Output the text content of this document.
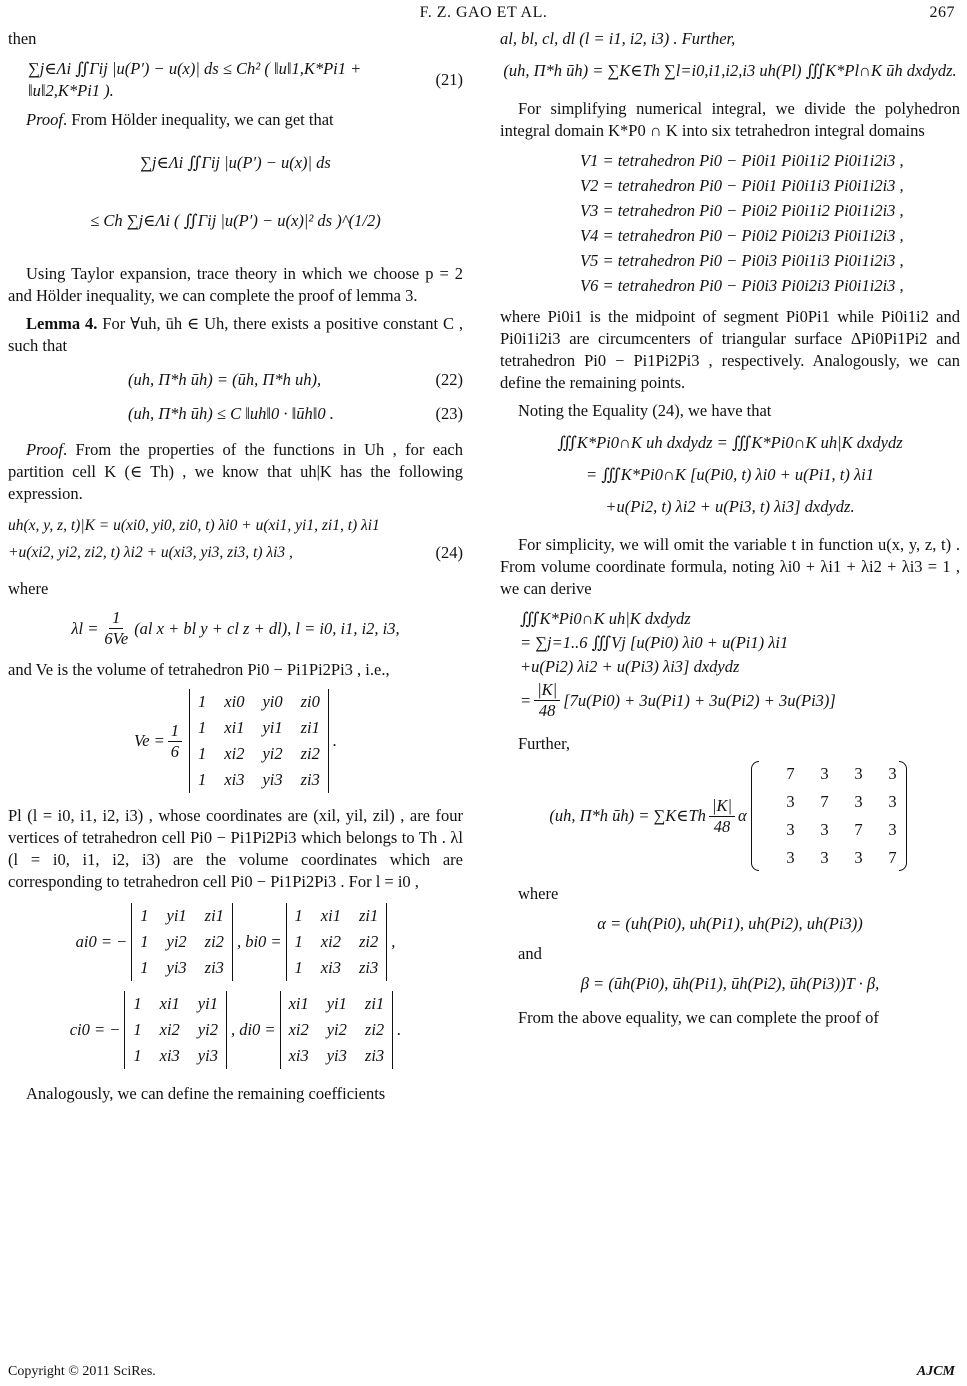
F. Z. GAO ET AL.	267

then

∑j∈Λi ∬Γij |u(P′) − u(x)| ds ≤ Ch² ( ‖u‖1,K*Pi1 + ‖u‖2,K*Pi1 ).
(21)

Proof. From Hölder inequality, we can get that

∑j∈Λi ∬Γij |u(P′) − u(x)| ds
≤ Ch ∑j∈Λi ( ∬Γij |u(P′) − u(x)|² ds )^(1/2)

Using Taylor expansion, trace theory in which we choose p = 2 and Hölder inequality, we can complete the proof of lemma 3.

Lemma 4. For ∀uh, ūh ∈ Uh, there exists a positive constant C , such that

(uh, Π*h ūh) = (ūh, Π*h uh),	(22)
(uh, Π*h ūh) ≤ C ‖uh‖0 · ‖ūh‖0 .	(23)

Proof. From the properties of the functions in Uh , for each partition cell K (∈ Th) , we know that uh|K has the following expression.

uh(x, y, z, t)|K = u(xi0, yi0, zi0, t) λi0 + u(xi1, yi1, zi1, t) λi1
+u(xi2, yi2, zi2, t) λi2 + u(xi3, yi3, zi3, t) λi3 ,	(24)

where

$\lambda l = \frac{1}{6Ve} (al$ x + bl y + cl z + dl), l = i0, i1, i2, i3,

and Ve is the volume of tetrahedron Pi0 − Pi1Pi2Pi3 , i.e.,

$Ve = \frac{1}{6}$
1 xi0 yi0 zi0
1 xi1 yi1 zi1
1 xi2 yi2 zi2
1 xi3 yi3 zi3
.

Pl (l = i0, i1, i2, i3) , whose coordinates are (xil, yil, zil) , are four vertices of tetrahedron cell Pi0 − Pi1Pi2Pi3 which belongs to Th . λl (l = i0, i1, i2, i3) are the volume coordinates which are corresponding to tetrahedron cell Pi0 − Pi1Pi2Pi3 . For l = i0 ,

ai0 = −
1 yi1 zi1
1 yi2 zi2
1 yi3 zi3
, bi0 =
1 xi1 zi1
1 xi2 zi2
1 xi3 zi3
,
ci0 = −
1 xi1 yi1
1 xi2 yi2
1 xi3 yi3
, di0 =
xi1 yi1 zi1
xi2 yi2 zi2
xi3 yi3 zi3
.

Analogously, we can define the remaining coefficients

al, bl, cl, dl (l = i1, i2, i3) . Further,

(uh, Π*h ūh) = ∑K∈Th ∑l=i0,i1,i2,i3 uh(Pl) ∭K*Pl∩K ūh dxdydz.

For simplifying numerical integral, we divide the polyhedron integral domain K*P0 ∩ K into six tetrahedron integral domains

V1 = tetrahedron Pi0 − Pi0i1 Pi0i1i2 Pi0i1i2i3 ,
V2 = tetrahedron Pi0 − Pi0i1 Pi0i1i3 Pi0i1i2i3 ,
V3 = tetrahedron Pi0 − Pi0i2 Pi0i1i2 Pi0i1i2i3 ,
V4 = tetrahedron Pi0 − Pi0i2 Pi0i2i3 Pi0i1i2i3 ,
V5 = tetrahedron Pi0 − Pi0i3 Pi0i1i3 Pi0i1i2i3 ,
V6 = tetrahedron Pi0 − Pi0i3 Pi0i2i3 Pi0i1i2i3 ,

where Pi0i1 is the midpoint of segment Pi0Pi1 while Pi0i1i2 and Pi0i1i2i3 are circumcenters of triangular surface ΔPi0Pi1Pi2 and tetrahedron Pi0 − Pi1Pi2Pi3 , respectively. Analogously, we can define the remaining points.

Noting the Equality (24), we have that

∭K*Pi0∩K uh dxdydz = ∭K*Pi0∩K uh|K dxdydz
= ∭K*Pi0∩K [u(Pi0, t) λi0 + u(Pi1, t) λi1
+u(Pi2, t) λi2 + u(Pi3, t) λi3] dxdydz.

For simplicity, we will omit the variable t in function u(x, y, z, t) . From volume coordinate formula, noting λi0 + λi1 + λi2 + λi3 = 1 , we can derive

∭K*Pi0∩K uh|K dxdydz
= ∑j=1..6 ∭Vj [u(Pi0) λi0 + u(Pi1) λi1
+u(Pi2) λi2 + u(Pi3) λi3] dxdydz
= $\frac{|K|}{48} [7u(Pi0) + 3u(Pi1) + 3u(Pi2) + 3u(Pi3)]$

Further,

(uh, Π*h ūh) = ∑K∈Th $\frac{|K|}{48}$ α
7	3	3	3
3	7	3	3
3	3	7	3
3	3	3	7

where

α = (uh(Pi0), uh(Pi1), uh(Pi2), uh(Pi3))

and

β = (ūh(Pi0), ūh(Pi1), ūh(Pi2), ūh(Pi3))T · β,

From the above equality, we can complete the proof of

Copyright © 2011 SciRes.	AJCM
